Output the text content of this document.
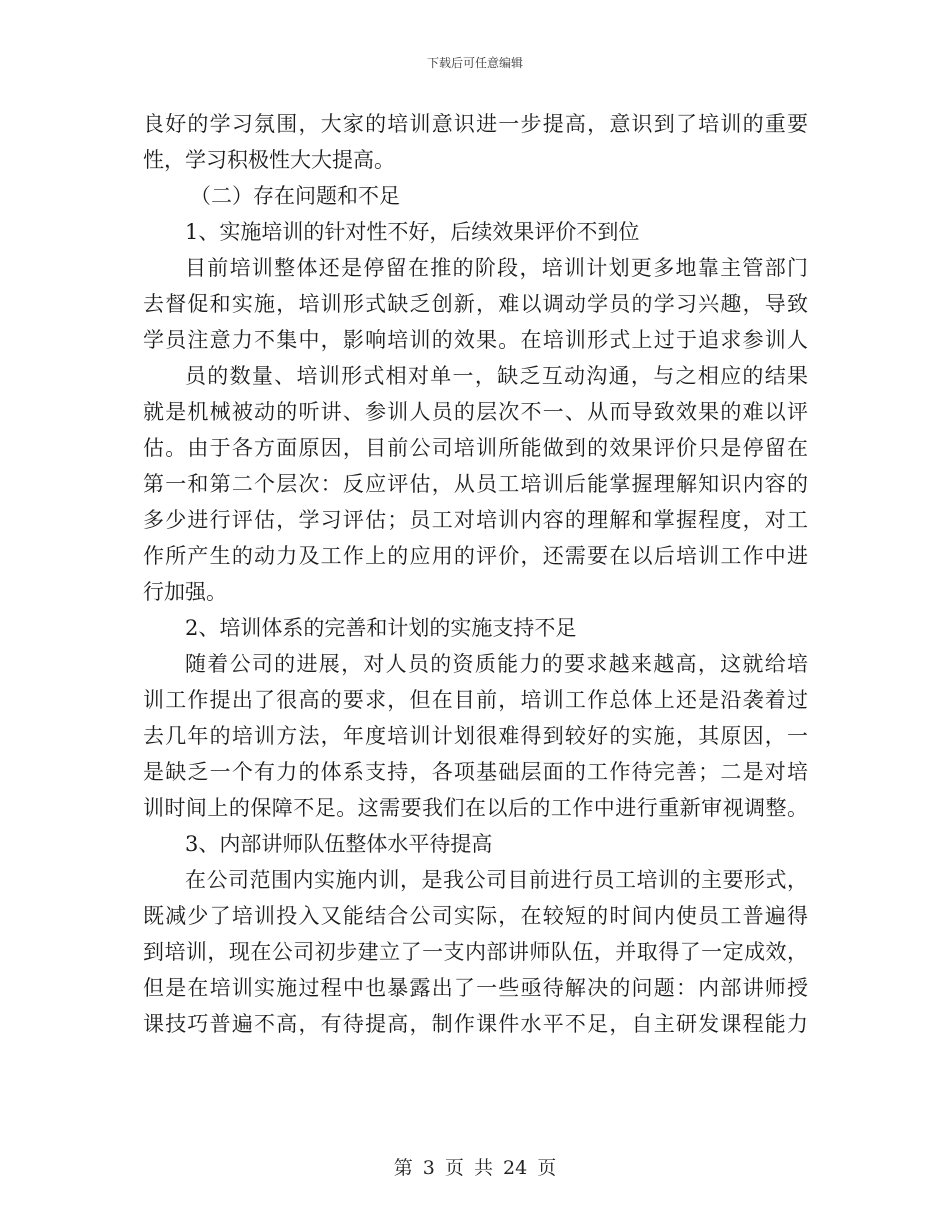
下载后可任意编辑
良好的学习氛围，大家的培训意识进一步提高，意识到了培训的重要
性，学习积极性大大提高。
（二）存在问题和不足
1、实施培训的针对性不好，后续效果评价不到位
目前培训整体还是停留在推的阶段，培训计划更多地靠主管部门
去督促和实施，培训形式缺乏创新，难以调动学员的学习兴趣，导致
学员注意力不集中，影响培训的效果。在培训形式上过于追求参训人
员的数量、培训形式相对单一，缺乏互动沟通，与之相应的结果
就是机械被动的听讲、参训人员的层次不一、从而导致效果的难以评
估。由于各方面原因，目前公司培训所能做到的效果评价只是停留在
第一和第二个层次：反应评估，从员工培训后能掌握理解知识内容的
多少进行评估，学习评估；员工对培训内容的理解和掌握程度，对工
作所产生的动力及工作上的应用的评价，还需要在以后培训工作中进
行加强。
2、培训体系的完善和计划的实施支持不足
随着公司的进展，对人员的资质能力的要求越来越高，这就给培
训工作提出了很高的要求，但在目前，培训工作总体上还是沿袭着过
去几年的培训方法，年度培训计划很难得到较好的实施，其原因，一
是缺乏一个有力的体系支持，各项基础层面的工作待完善；二是对培
训时间上的保障不足。这需要我们在以后的工作中进行重新审视调整。
3、内部讲师队伍整体水平待提高
在公司范围内实施内训，是我公司目前进行员工培训的主要形式，
既减少了培训投入又能结合公司实际，在较短的时间内使员工普遍得
到培训，现在公司初步建立了一支内部讲师队伍，并取得了一定成效，
但是在培训实施过程中也暴露出了一些亟待解决的问题：内部讲师授
课技巧普遍不高，有待提高，制作课件水平不足，自主研发课程能力
第 3 页 共 24 页
